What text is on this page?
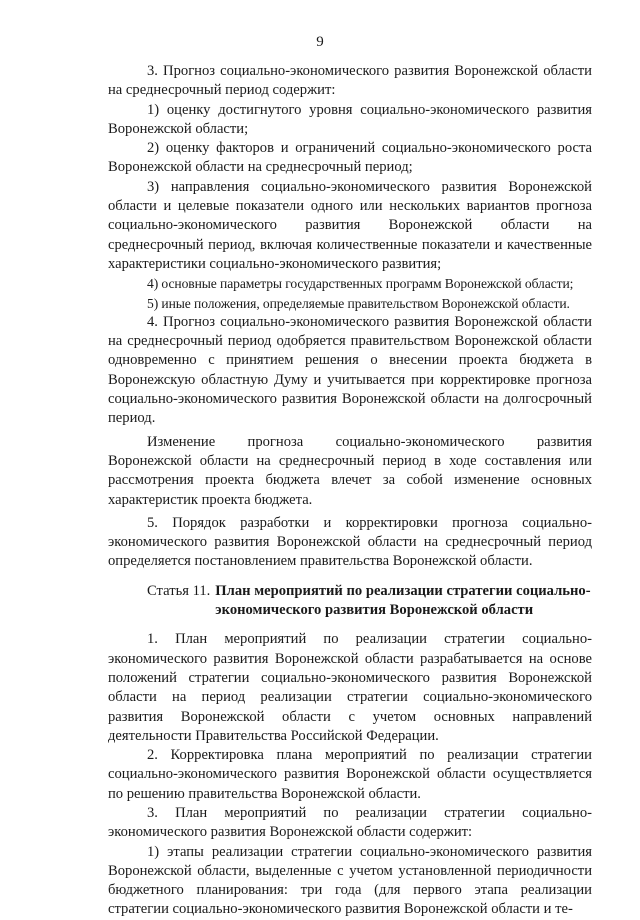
9

3. Прогноз социально-экономического развития Воронежской области на среднесрочный период содержит:

1) оценку достигнутого уровня социально-экономического развития Воронежской области;

2) оценку факторов и ограничений социально-экономического роста Воронежской области на среднесрочный период;

3) направления социально-экономического развития Воронежской области и целевые показатели одного или нескольких вариантов прогноза социально-экономического развития Воронежской области на среднесрочный период, включая количественные показатели и качественные характеристики социально-экономического развития;

4) основные параметры государственных программ Воронежской области;

5) иные положения, определяемые правительством Воронежской области.

4. Прогноз социально-экономического развития Воронежской области на среднесрочный период одобряется правительством Воронежской области одновременно с принятием решения о внесении проекта бюджета в Воронежскую областную Думу и учитывается при корректировке прогноза социально-экономического развития Воронежской области на долгосрочный период.

Изменение прогноза социально-экономического развития Воронежской области на среднесрочный период в ходе составления или рассмотрения проекта бюджета влечет за собой изменение основных характеристик проекта бюджета.

5. Порядок разработки и корректировки прогноза социально-экономического развития Воронежской области на среднесрочный период определяется постановлением правительства Воронежской области.

Статья 11. План мероприятий по реализации стратегии социально-экономического развития Воронежской области

1. План мероприятий по реализации стратегии социально-экономического развития Воронежской области разрабатывается на основе положений стратегии социально-экономического развития Воронежской области на период реализации стратегии социально-экономического развития Воронежской области с учетом основных направлений деятельности Правительства Российской Федерации.

2. Корректировка плана мероприятий по реализации стратегии социально-экономического развития Воронежской области осуществляется по решению правительства Воронежской области.

3. План мероприятий по реализации стратегии социально-экономического развития Воронежской области содержит:

1) этапы реализации стратегии социально-экономического развития Воронежской области, выделенные с учетом установленной периодичности бюджетного планирования: три года (для первого этапа реализации стратегии социально-экономического развития Воронежской области и те-
